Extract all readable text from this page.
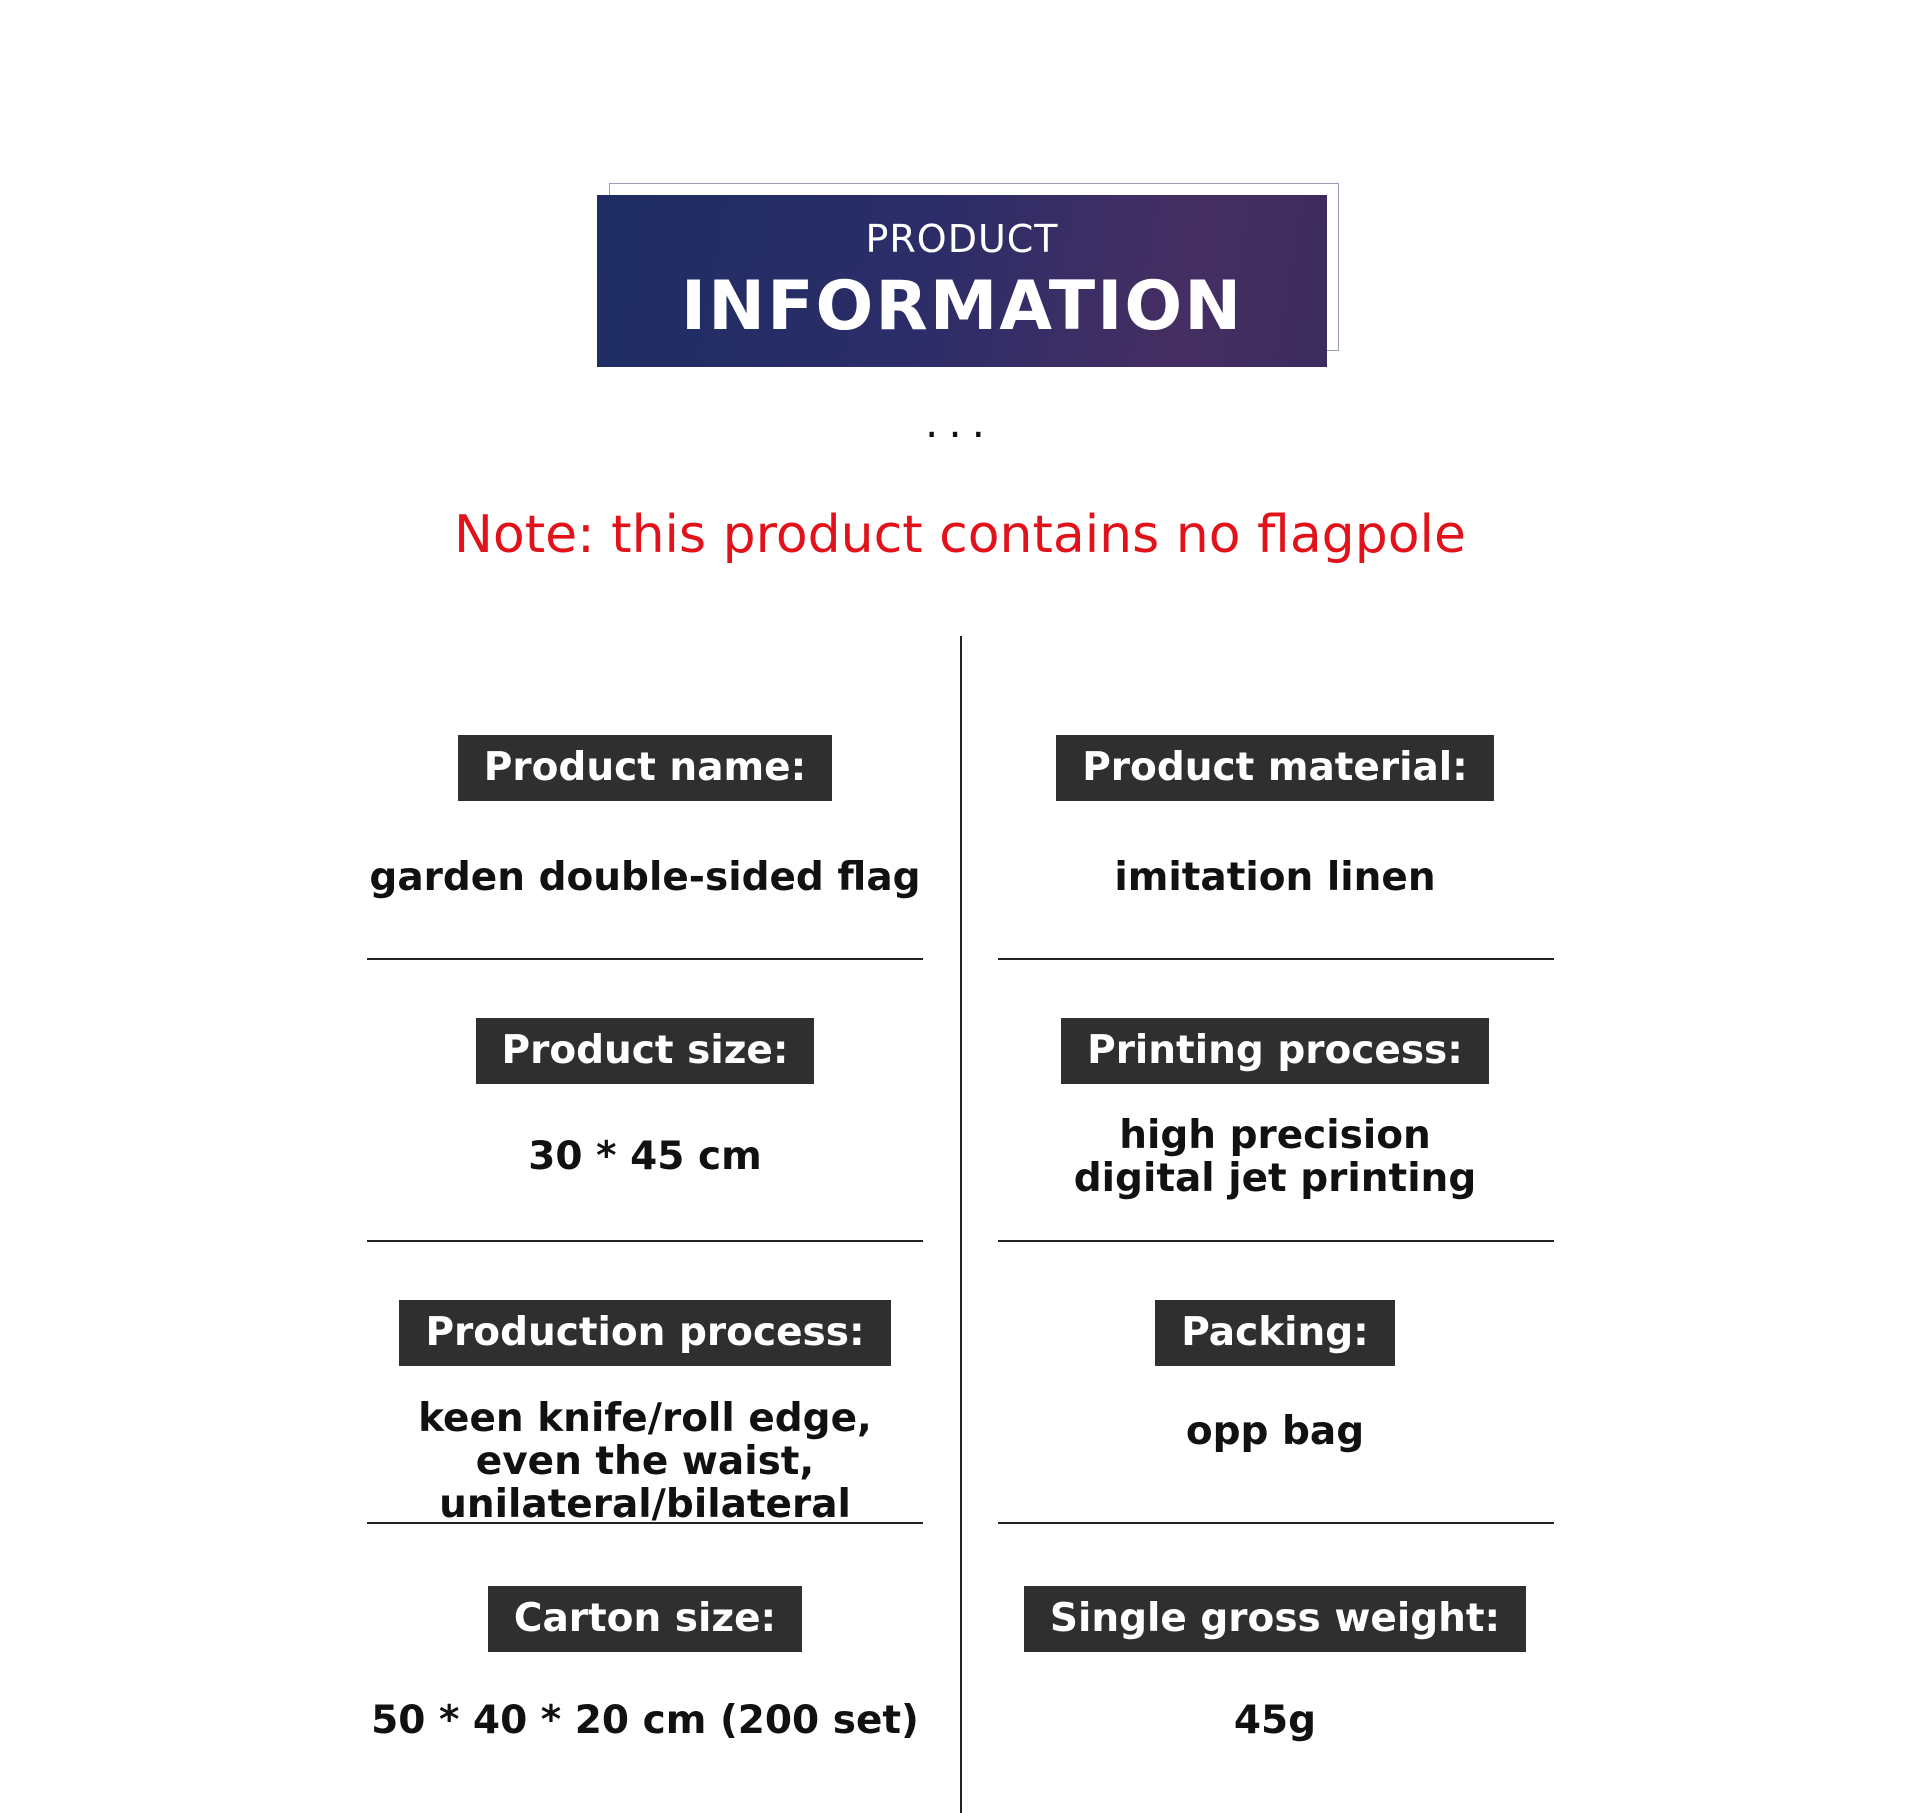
PRODUCT
INFORMATION
...
Note: this product contains no flagpole
Product name:
garden double-sided flag
Product material:
imitation linen
Product size:
30 * 45 cm
Printing process:
high precision
digital jet printing
Production process:
keen knife/roll edge,
even the waist, unilateral/bilateral
Packing:
opp bag
Carton size:
50 * 40 * 20 cm (200 set)
Single gross weight:
45g
